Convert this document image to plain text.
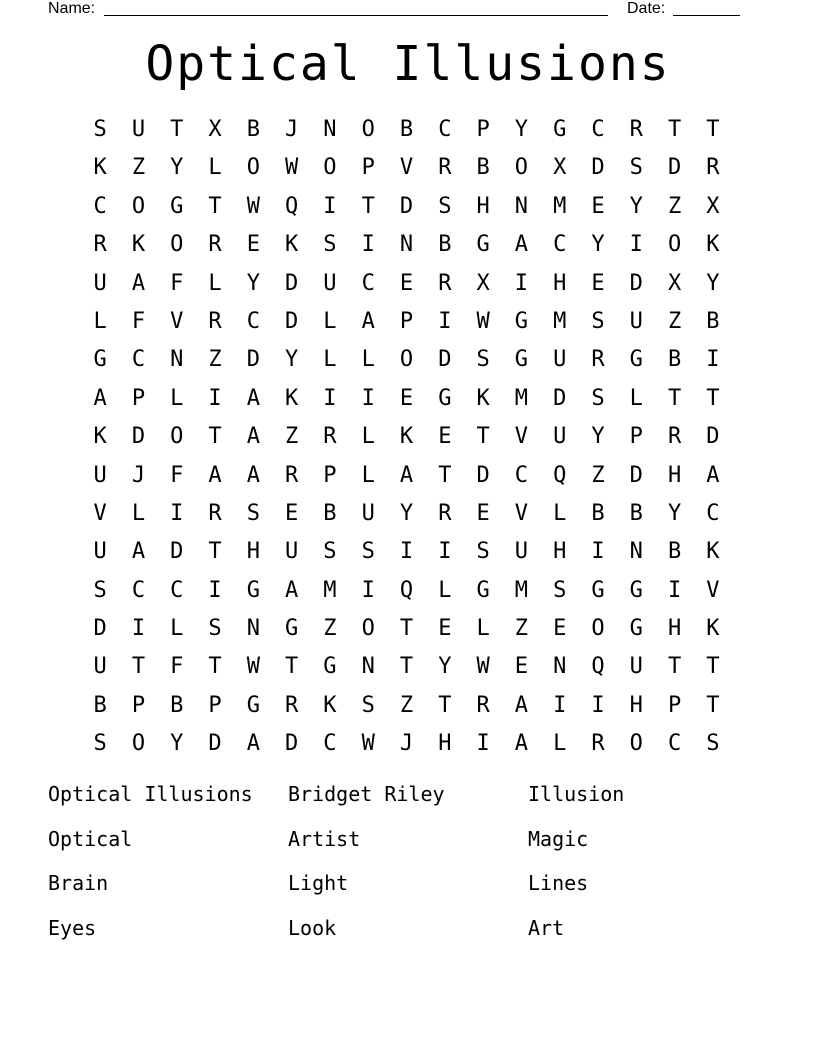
Name:	Date:
Optical Illusions
S	U	T	X	B	J	N	O	B	C	P	Y	G	C	R	T	T
K	Z	Y	L	O	W	O	P	V	R	B	O	X	D	S	D	R
C	O	G	T	W	Q	I	T	D	S	H	N	M	E	Y	Z	X
R	K	O	R	E	K	S	I	N	B	G	A	C	Y	I	O	K
U	A	F	L	Y	D	U	C	E	R	X	I	H	E	D	X	Y
L	F	V	R	C	D	L	A	P	I	W	G	M	S	U	Z	B
G	C	N	Z	D	Y	L	L	O	D	S	G	U	R	G	B	I
A	P	L	I	A	K	I	I	E	G	K	M	D	S	L	T	T
K	D	O	T	A	Z	R	L	K	E	T	V	U	Y	P	R	D
U	J	F	A	A	R	P	L	A	T	D	C	Q	Z	D	H	A
V	L	I	R	S	E	B	U	Y	R	E	V	L	B	B	Y	C
U	A	D	T	H	U	S	S	I	I	S	U	H	I	N	B	K
S	C	C	I	G	A	M	I	Q	L	G	M	S	G	G	I	V
D	I	L	S	N	G	Z	O	T	E	L	Z	E	O	G	H	K
U	T	F	T	W	T	G	N	T	Y	W	E	N	Q	U	T	T
B	P	B	P	G	R	K	S	Z	T	R	A	I	I	H	P	T
S	O	Y	D	A	D	C	W	J	H	I	A	L	R	O	C	S
Optical Illusions	Bridget Riley	Illusion
Optical	Artist	Magic
Brain	Light	Lines
Eyes	Look	Art
